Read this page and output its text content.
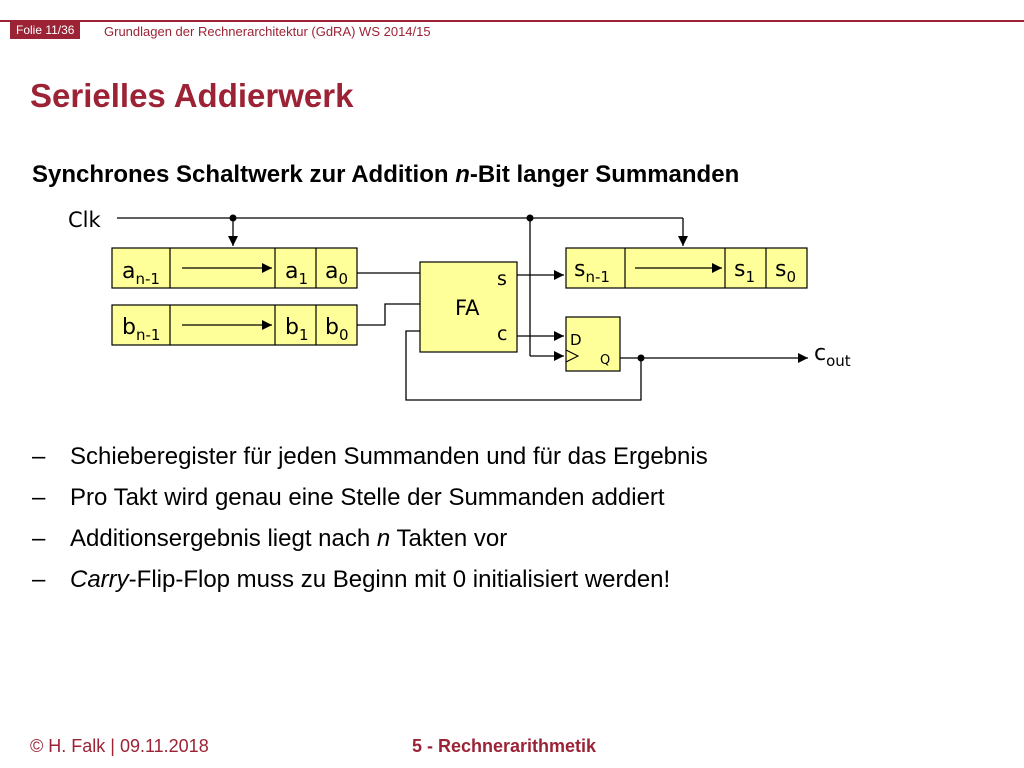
Folie 11/36	Grundlagen der Rechnerarchitektur (GdRA) WS 2014/15
Serielles Addierwerk
Synchrones Schaltwerk zur Addition n-Bit langer Summanden
Clk
$a_{n-1}$	$a_1$ $a_0$
$b_{n-1}$	$b_1$ $b_0$
$s_{n-1}$	$s_1$ $s_0$
FA
s
c	D
Q	$c_{out}$
– Schieberegister für jeden Summanden und für das Ergebnis
– Pro Takt wird genau eine Stelle der Summanden addiert
– Additionsergebnis liegt nach n Takten vor
– Carry-Flip-Flop muss zu Beginn mit 0 initialisiert werden!
© H. Falk | 09.11.2018	5 - Rechnerarithmetik
